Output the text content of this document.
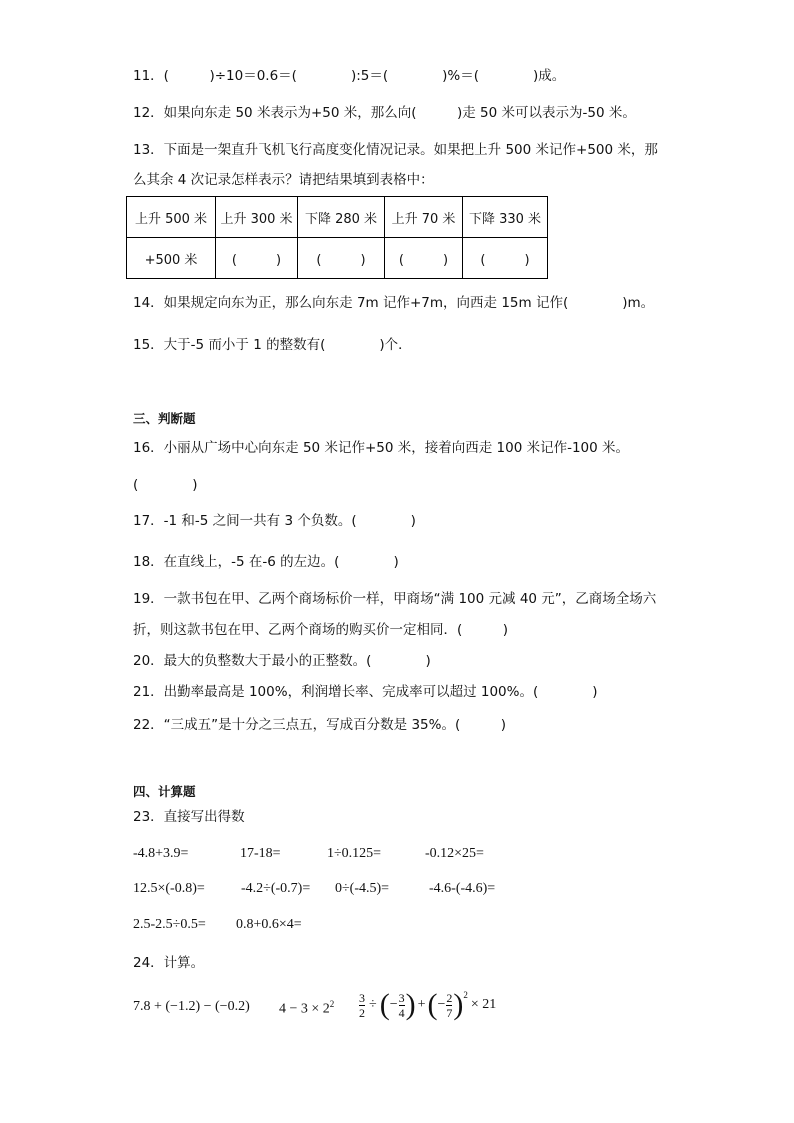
11．(　　　)÷10＝0.6＝(　　　　):5＝(　　　　)%＝(　　　　)成。
12．如果向东走 50 米表示为+50 米，那么向(　　　)走 50 米可以表示为-50 米。
13．下面是一架直升飞机飞行高度变化情况记录。如果把上升 500 米记作+500 米，那
么其余 4 次记录怎样表示？请把结果填到表格中：
上升 500 米	上升 300 米	下降 280 米	上升 70 米	下降 330 米
+500 米	(　　　)	(　　　)	(　　　)	(　　　)
14．如果规定向东为正，那么向东走 7m 记作+7m，向西走 15m 记作(　　　　)m。
15．大于-5 而小于 1 的整数有(　　　　)个．
三、判断题
16．小丽从广场中心向东走 50 米记作+50 米，接着向西走 100 米记作-100 米。
(　　　　)
17．-1 和-5 之间一共有 3 个负数。(　　　　)
18．在直线上，-5 在-6 的左边。(　　　　)
19．一款书包在甲、乙两个商场标价一样，甲商场“满 100 元减 40 元”，乙商场全场六
折，则这款书包在甲、乙两个商场的购买价一定相同．(　　　)
20．最大的负整数大于最小的正整数。(　　　　)
21．出勤率最高是 100%，利润增长率、完成率可以超过 100%。(　　　　)
22．“三成五”是十分之三点五，写成百分数是 35%。(　　　)
四、计算题
23．直接写出得数
-4.8+3.9=	17-18=	1÷0.125=	-0.12×25=
12.5×(-0.8)=	-4.2÷(-0.7)= 0÷(-4.5)=	-4.6-(-4.6)=
2.5-2.5÷0.5= 0.8+0.6×4=
24．计算。
7.8 + (−1.2) − (−0.2) $4 - 3 \times 2^2 \frac{3}{2}$ ÷ ( − $\frac{3}{4}$ ) + ( − $\frac{2}{7} )^2$
× 21
